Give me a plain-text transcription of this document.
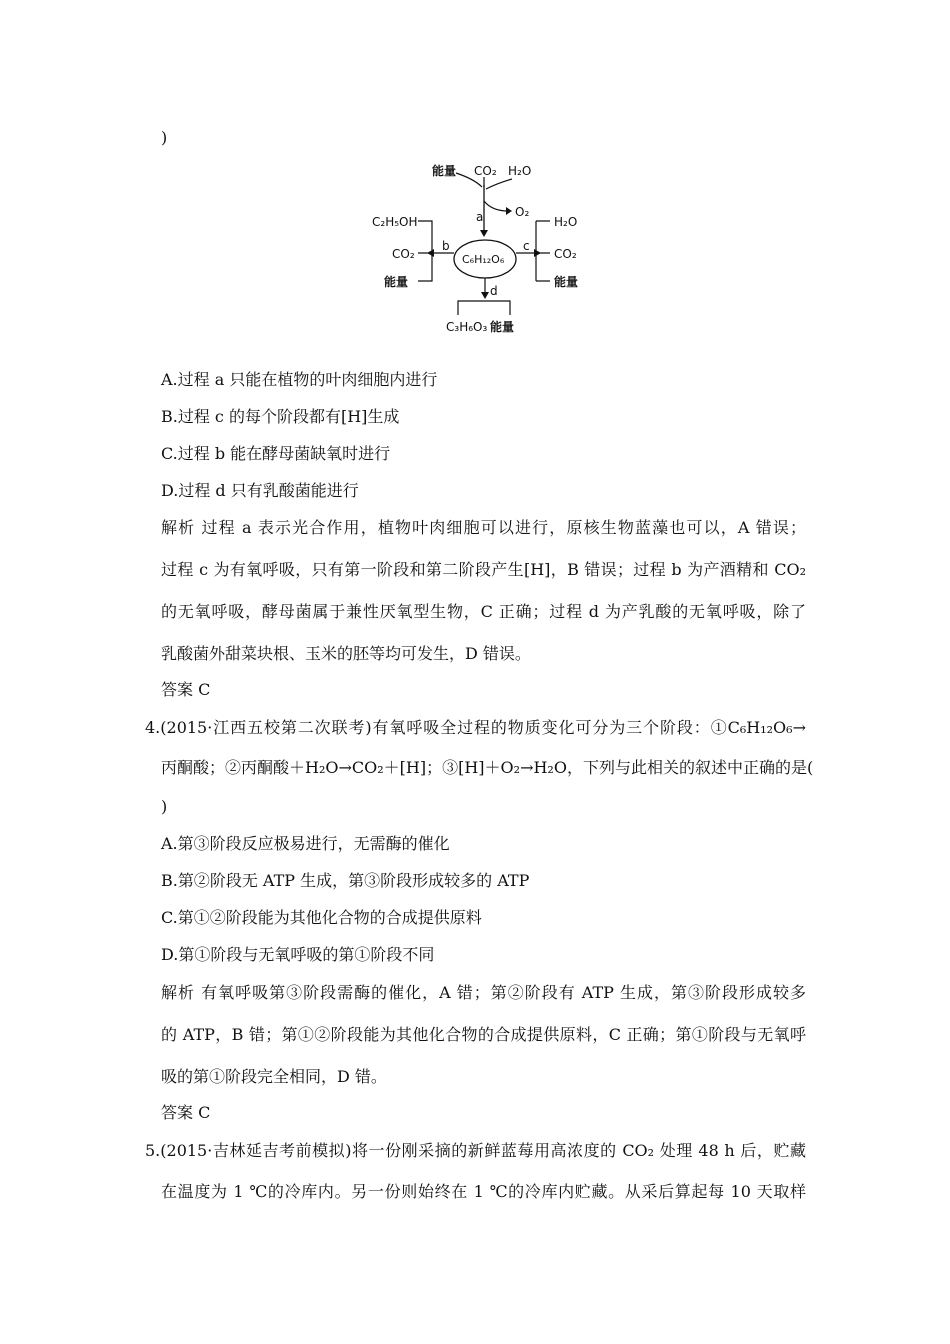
)
能量 CO₂ H₂O
O₂
a
C₂H₅OH
CO₂
能量
b
C₆H₁₂O₆
c
H₂O
CO₂
能量
d
C₃H₆O₃ 能量
A.过程 a 只能在植物的叶肉细胞内进行
B.过程 c 的每个阶段都有[H]生成
C.过程 b 能在酵母菌缺氧时进行
D.过程 d 只有乳酸菌能进行
解析 过程 a 表示光合作用，植物叶肉细胞可以进行，原核生物蓝藻也可以，A 错误；
过程 c 为有氧呼吸，只有第一阶段和第二阶段产生[H]，B 错误；过程 b 为产酒精和 CO₂
的无氧呼吸，酵母菌属于兼性厌氧型生物，C 正确；过程 d 为产乳酸的无氧呼吸，除了
乳酸菌外甜菜块根、玉米的胚等均可发生，D 错误。
答案 C
4.(2015·江西五校第二次联考)有氧呼吸全过程的物质变化可分为三个阶段：①C₆H₁₂O₆→
丙酮酸；②丙酮酸＋H₂O→CO₂＋[H]；③[H]＋O₂→H₂O，下列与此相关的叙述中正确的是(
)
A.第③阶段反应极易进行，无需酶的催化
B.第②阶段无 ATP 生成，第③阶段形成较多的 ATP
C.第①②阶段能为其他化合物的合成提供原料
D.第①阶段与无氧呼吸的第①阶段不同
解析 有氧呼吸第③阶段需酶的催化，A 错；第②阶段有 ATP 生成，第③阶段形成较多
的 ATP，B 错；第①②阶段能为其他化合物的合成提供原料，C 正确；第①阶段与无氧呼
吸的第①阶段完全相同，D 错。
答案 C
5.(2015·吉林延吉考前模拟)将一份刚采摘的新鲜蓝莓用高浓度的 CO₂ 处理 48 h 后，贮藏
在温度为 1 ℃的冷库内。另一份则始终在 1 ℃的冷库内贮藏。从采后算起每 10 天取样
